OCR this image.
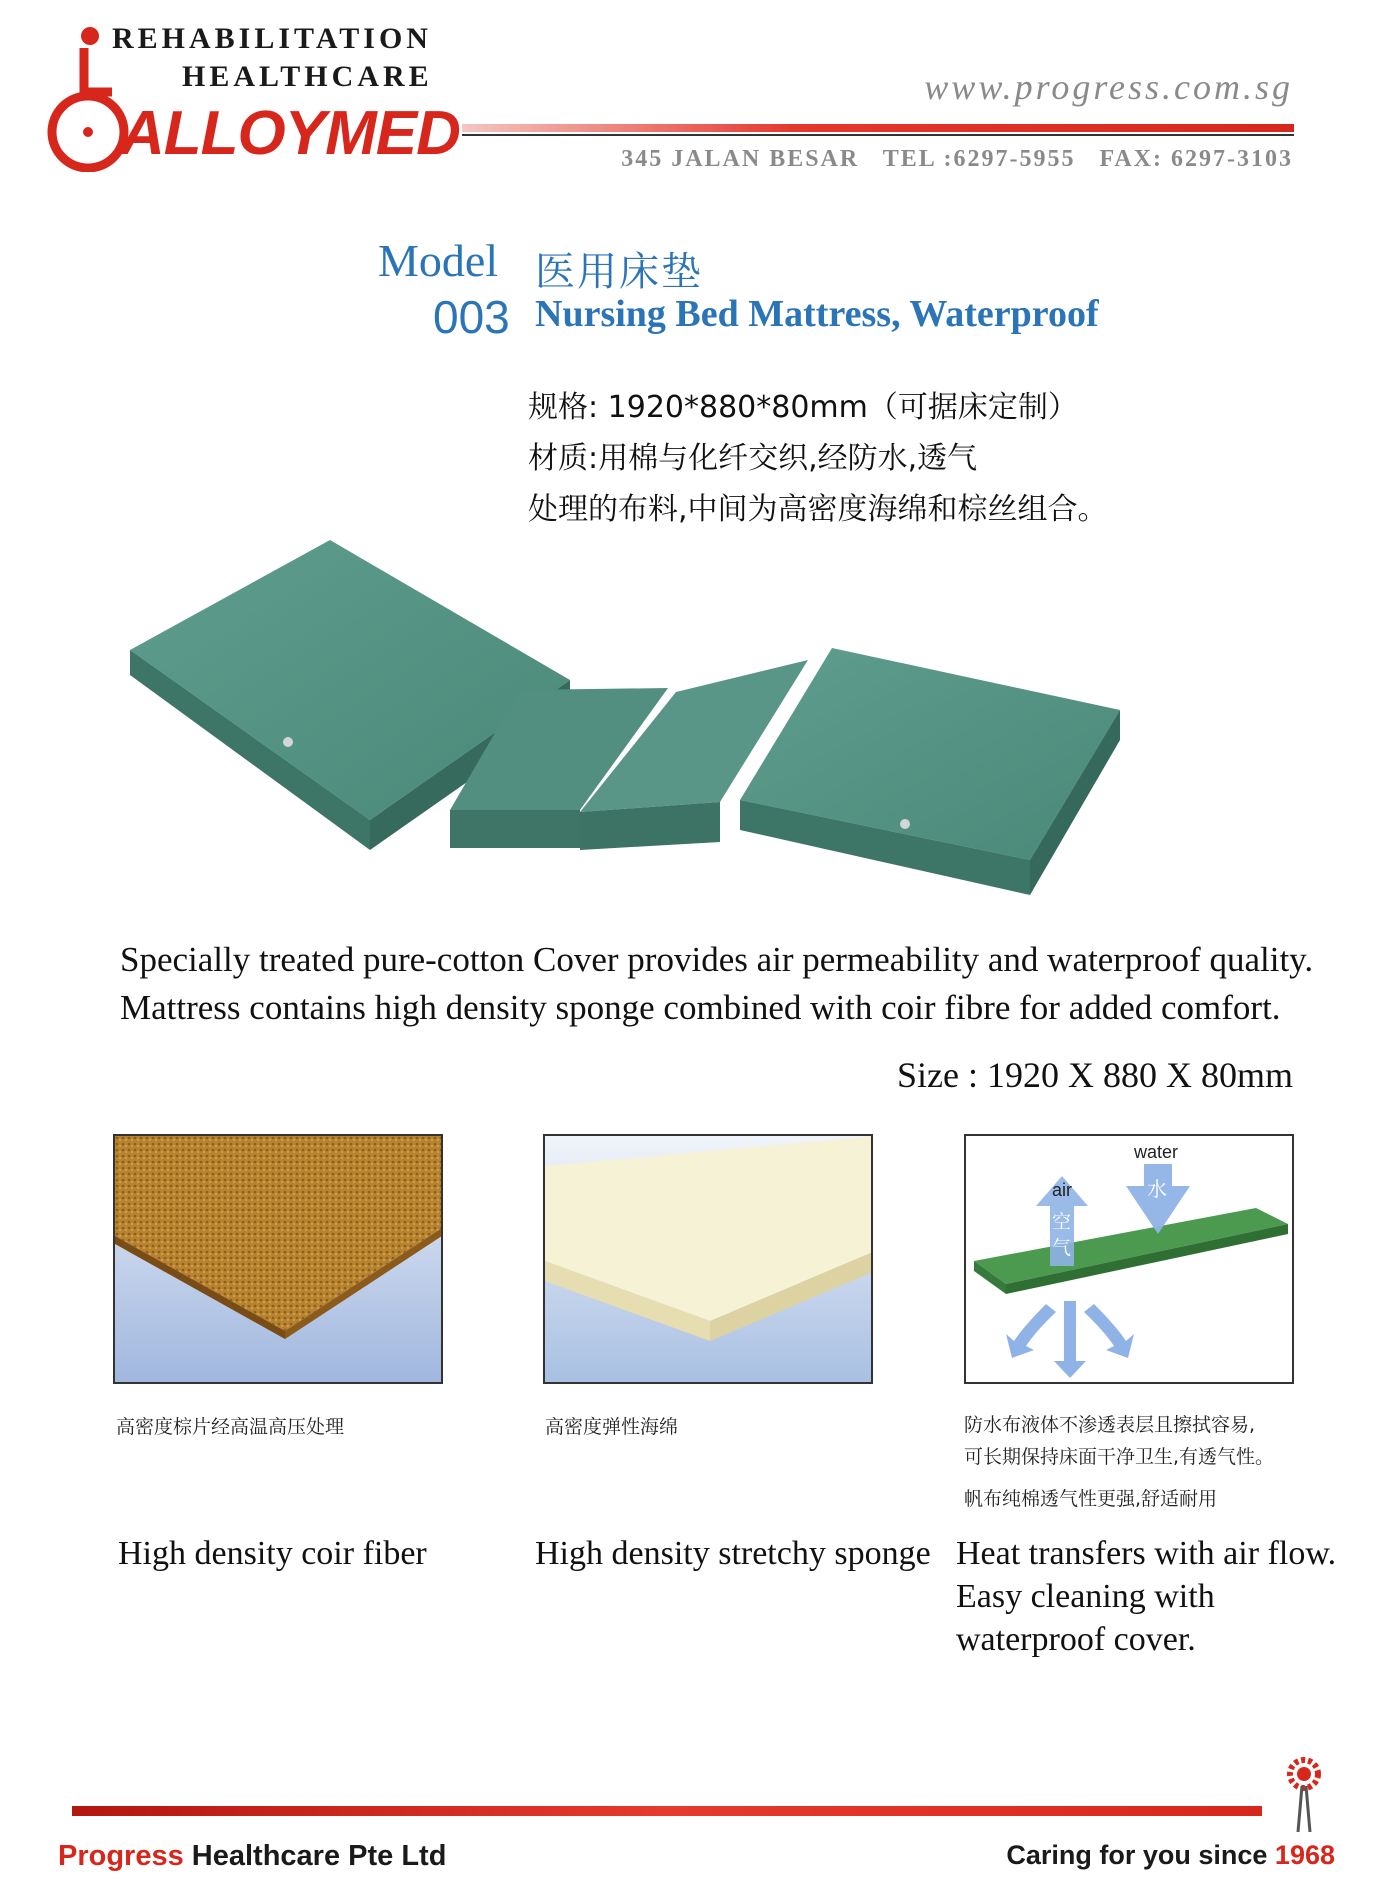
REHABILITATION
HEALTHCARE
ALLOYMED
www.progress.com.sg
345 JALAN BESAR   TEL :6297-5955   FAX: 6297-3103
Model
003
医用床垫
Nursing Bed Mattress, Waterproof
规格: 1920*880*80mm（可据床定制）
材质:用棉与化纤交织,经防水,透气
处理的布料,中间为高密度海绵和棕丝组合。
Specially treated pure-cotton Cover provides air permeability and waterproof quality.
Mattress contains high density sponge combined with coir fibre for added comfort.
Size : 1920 X 880 X 80mm
water
水
air
空
气
高密度棕片经高温高压处理	高密度弹性海绵	防水布液体不渗透表层且擦拭容易,
可长期保持床面干净卫生,有透气性。
帆布纯棉透气性更强,舒适耐用
High density coir fiber	High density stretchy sponge Heat transfers with air flow. Easy cleaning with waterproof cover.
Progress Healthcare Pte Ltd	Caring for you since 1968
